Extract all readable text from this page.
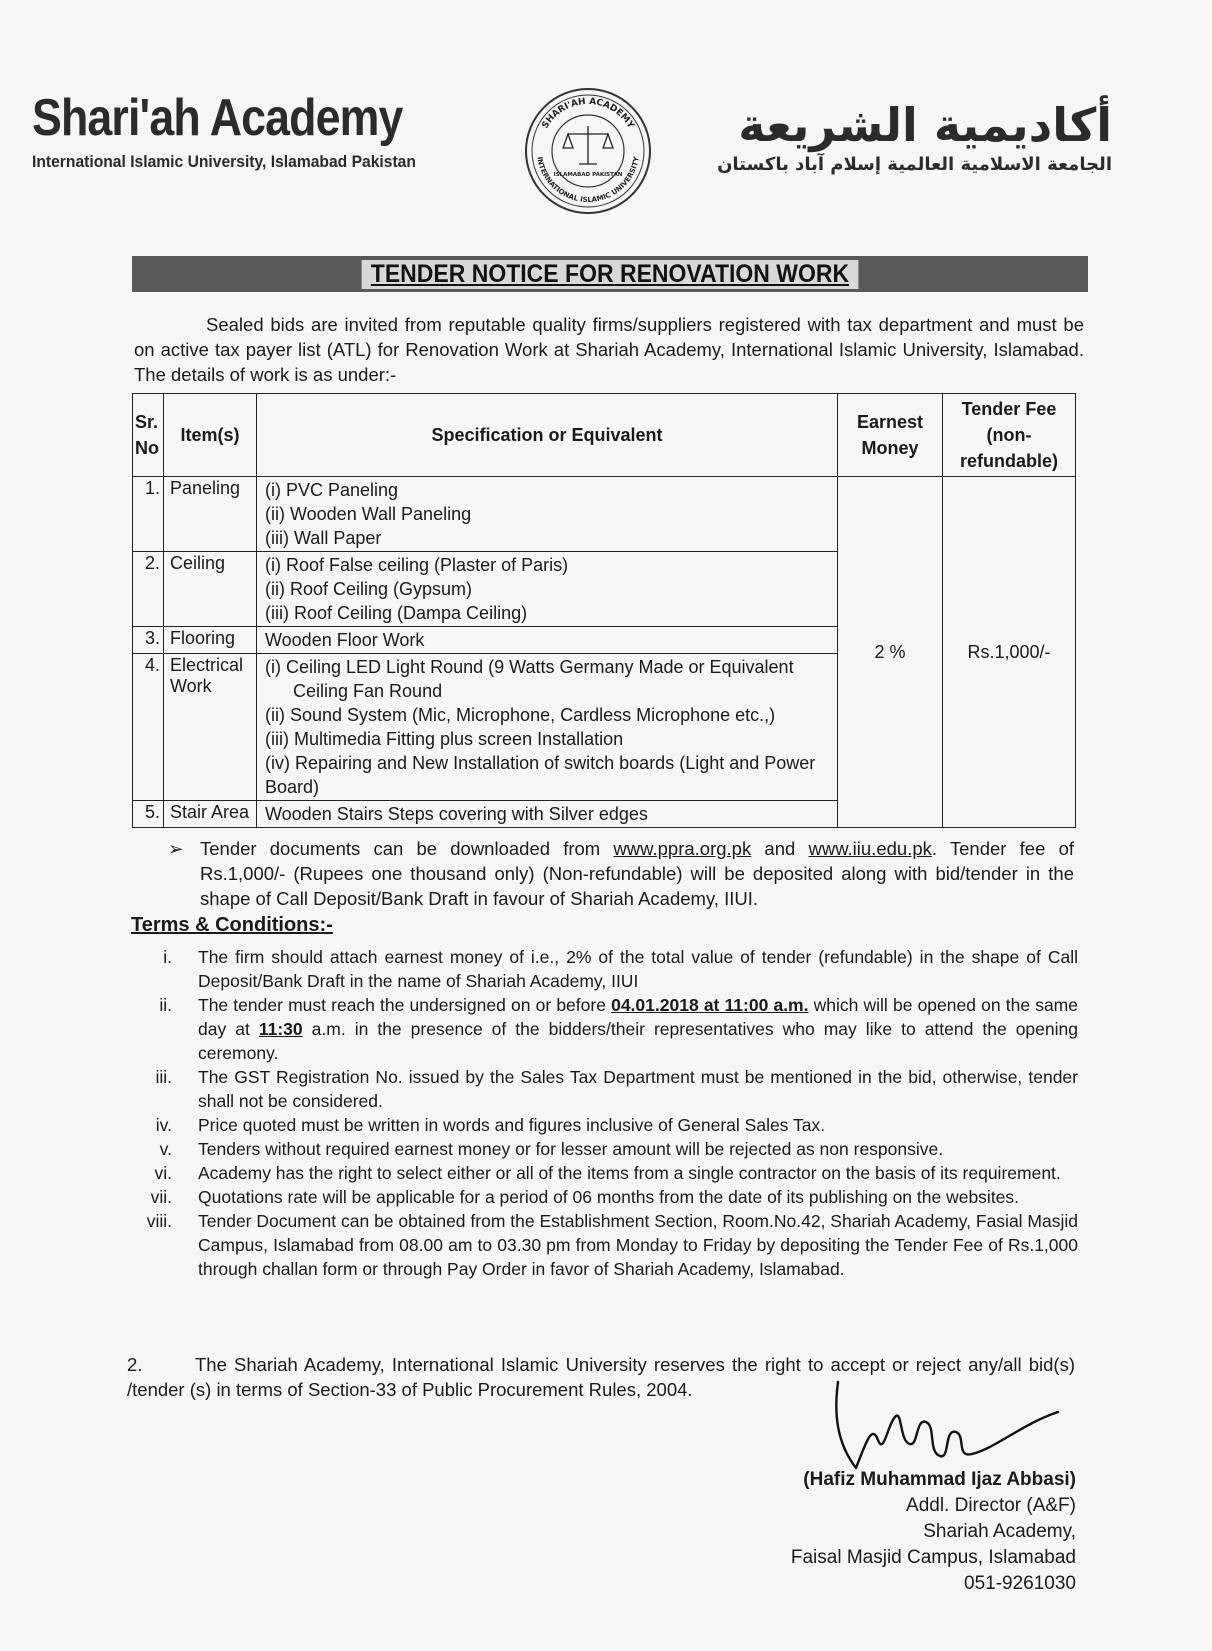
Shari'ah Academy
International Islamic University, Islamabad Pakistan
SHARI'AH ACADEMY
INTERNATIONAL ISLAMIC UNIVERSITY
ISLAMABAD PAKISTAN
أكاديمية الشريعة
الجامعة الاسلامية العالمية إسلام آباد باكستان
TENDER NOTICE FOR RENOVATION WORK
Sealed bids are invited from reputable quality firms/suppliers registered with tax department and must be on active tax payer list (ATL) for Renovation Work at Shariah Academy, International Islamic University, Islamabad. The details of work is as under:-
Sr. No	Item(s)	Specification or Equivalent	Earnest Money	Tender Fee (non-refundable)
1.	Paneling	(i) PVC Paneling
(ii) Wooden Wall Paneling
(iii) Wall Paper	2 %	Rs.1,000/-
2.	Ceiling	(i) Roof False ceiling (Plaster of Paris)
(ii) Roof Ceiling (Gypsum)
(iii) Roof Ceiling (Dampa Ceiling)		

3.	Flooring	Wooden Floor Work		

4.	Electrical Work	(i) Ceiling LED Light Round (9 Watts Germany Made or Equivalent
Ceiling Fan Round
(ii) Sound System (Mic, Microphone, Cardless Microphone etc.,)
(iii) Multimedia Fitting plus screen Installation
(iv) Repairing and New Installation of switch boards (Light and Power Board)		

5.	Stair Area	Wooden Stairs Steps covering with Silver edges		
➢ Tender documents can be downloaded from www.ppra.org.pk and www.iiu.edu.pk. Tender fee of Rs.1,000/- (Rupees one thousand only) (Non-refundable) will be deposited along with bid/tender in the shape of Call Deposit/Bank Draft in favour of Shariah Academy, IIUI.
Terms & Conditions:-
i. The firm should attach earnest money of i.e., 2% of the total value of tender (refundable) in the shape of Call Deposit/Bank Draft in the name of Shariah Academy, IIUI
ii. The tender must reach the undersigned on or before 04.01.2018 at 11:00 a.m. which will be opened on the same day at 11:30 a.m. in the presence of the bidders/their representatives who may like to attend the opening ceremony.
iii. The GST Registration No. issued by the Sales Tax Department must be mentioned in the bid, otherwise, tender shall not be considered.
iv. Price quoted must be written in words and figures inclusive of General Sales Tax.
v. Tenders without required earnest money or for lesser amount will be rejected as non responsive.
vi. Academy has the right to select either or all of the items from a single contractor on the basis of its requirement.
vii. Quotations rate will be applicable for a period of 06 months from the date of its publishing on the websites.
viii. Tender Document can be obtained from the Establishment Section, Room.No.42, Shariah Academy, Fasial Masjid Campus, Islamabad from 08.00 am to 03.30 pm from Monday to Friday by depositing the Tender Fee of Rs.1,000 through challan form or through Pay Order in favor of Shariah Academy, Islamabad.
2.	The Shariah Academy, International Islamic University reserves the right to accept or reject any/all bid(s) /tender (s) in terms of Section-33 of Public Procurement Rules, 2004.
(Hafiz Muhammad Ijaz Abbasi)
Addl. Director (A&F)
Shariah Academy,
Faisal Masjid Campus, Islamabad
051-9261030
